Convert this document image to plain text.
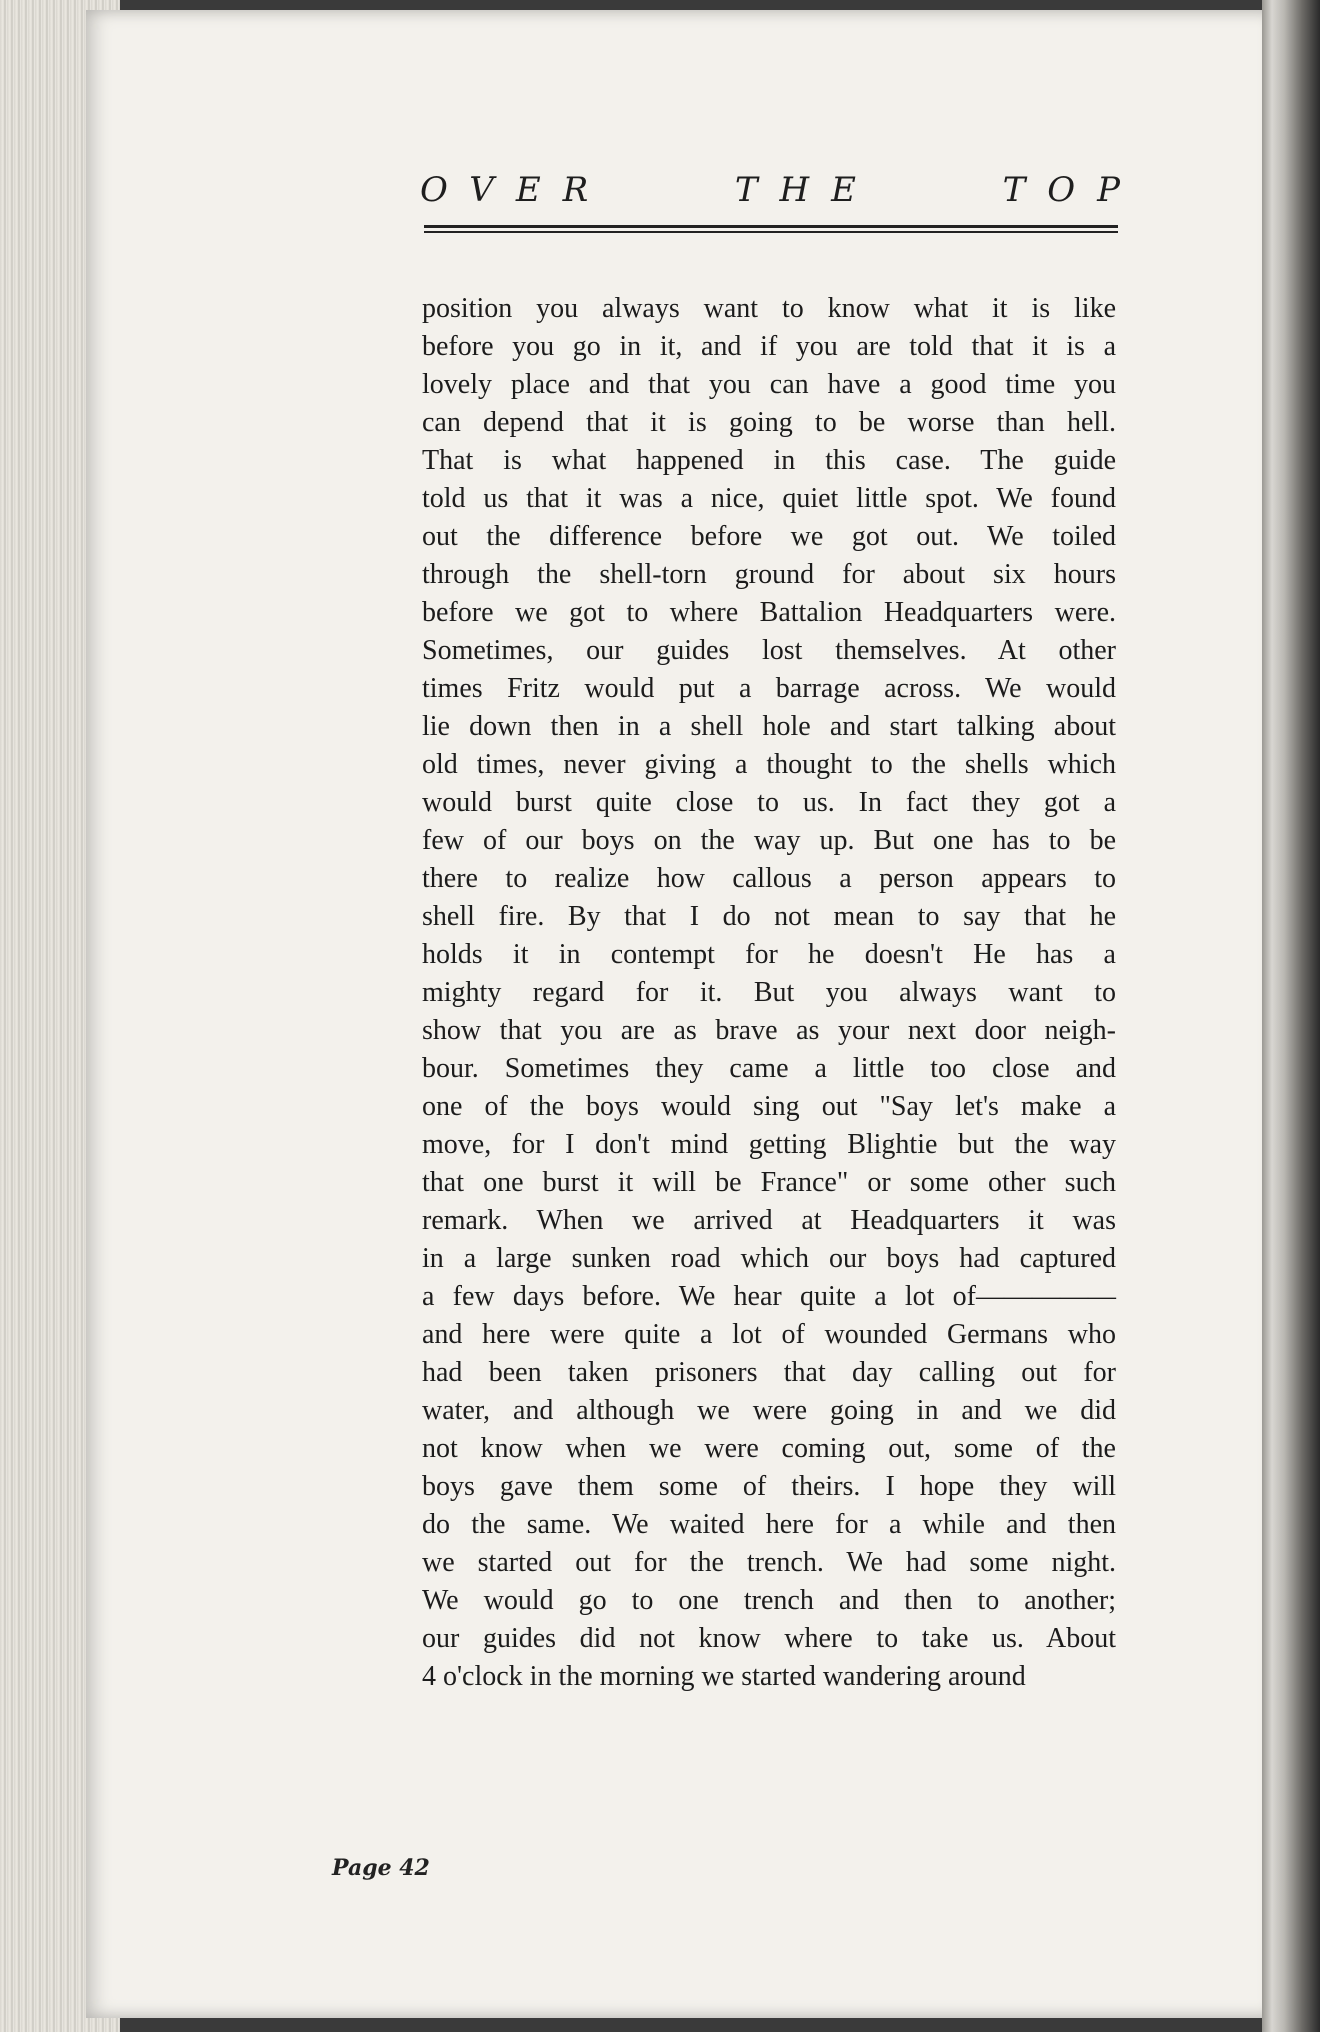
OVER	THE	TOP
position you always want to know what it is like
before you go in it, and if you are told that it is a
lovely place and that you can have a good time you
can depend that it is going to be worse than hell.
That is what happened in this case. The guide
told us that it was a nice, quiet little spot. We found
out the difference before we got out. We toiled
through the shell-torn ground for about six hours
before we got to where Battalion Headquarters were.
Sometimes, our guides lost themselves. At other
times Fritz would put a barrage across. We would
lie down then in a shell hole and start talking about
old times, never giving a thought to the shells which
would burst quite close to us. In fact they got a
few of our boys on the way up. But one has to be
there to realize how callous a person appears to
shell fire. By that I do not mean to say that he
holds it in contempt for he doesn't He has a
mighty regard for it. But you always want to
show that you are as brave as your next door neigh-
bour. Sometimes they came a little too close and
one of the boys would sing out "Say let's make a
move, for I don't mind getting Blightie but the way
that one burst it will be France" or some other such
remark. When we arrived at Headquarters it was
in a large sunken road which our boys had captured
a few days before. We hear quite a lot of—————
and here were quite a lot of wounded Germans who
had been taken prisoners that day calling out for
water, and although we were going in and we did
not know when we were coming out, some of the
boys gave them some of theirs. I hope they will
do the same. We waited here for a while and then
we started out for the trench. We had some night.
We would go to one trench and then to another;
our guides did not know where to take us. About
4 o'clock in the morning we started wandering around
Page 42
